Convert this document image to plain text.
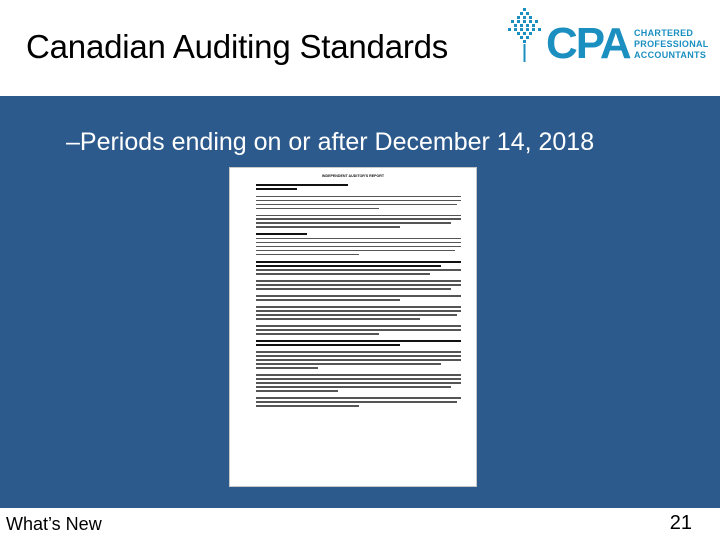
Canadian Auditing Standards CPA CHARTERED
PROFESSIONAL
ACCOUNTANTS
–Periods ending on or after December 14, 2018
INDEPENDENT AUDITOR'S REPORT
What’s New	21
